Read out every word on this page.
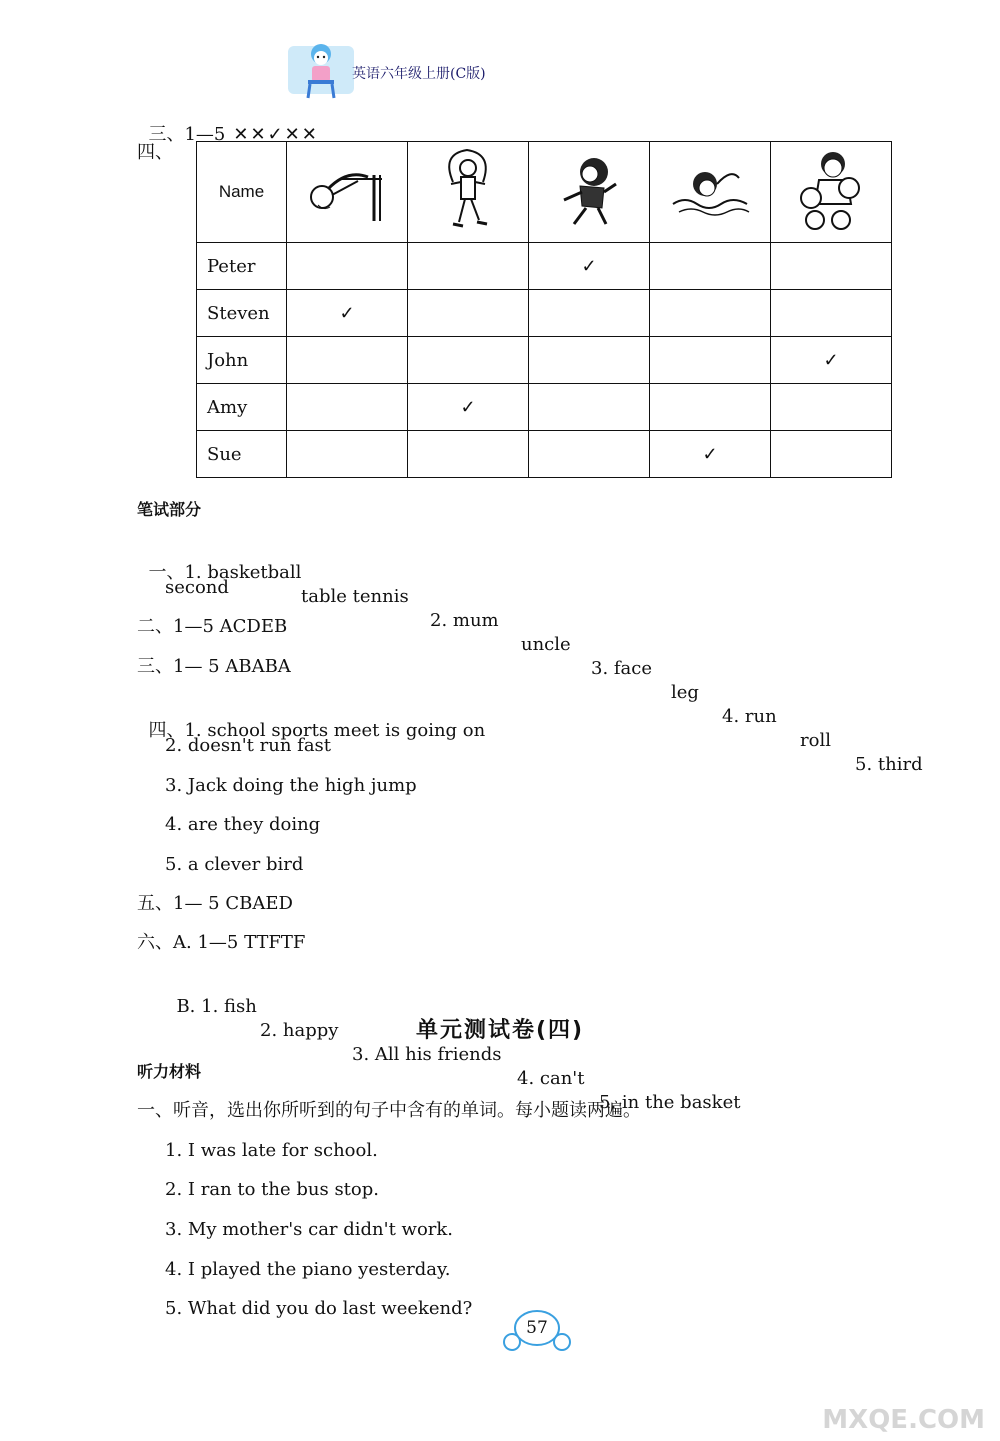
英语六年级上册(C版)

三、1—5 ✕✕✓✕✕

四、
Name					
Peter			✓		
Steven	✓				
John					✓
Amy		✓			
Sue				✓	
笔试部分

一、1. basketball

table tennis

2. mum

uncle

3. face

leg

4. run

roll

5. third

second
二、1—5 ACDEB
三、1— 5 ABABA

四、1. school sports meet is going on

2. doesn't run fast
3. Jack doing the high jump
4. are they doing
5. a clever bird
五、1— 5 CBAED
六、A. 1—5 TTFTF

B. 1. fish

2. happy

3. All his friends

4. can't

5. in the basket

单元测试卷(四)
听力材料
一、听音，选出你所听到的句子中含有的单词。每小题读两遍。
1. I was late for school.
2. I ran to the bus stop.
3. My mother's car didn't work.
4. I played the piano yesterday.
5. What did you do last weekend?
57
MXQE.COM
